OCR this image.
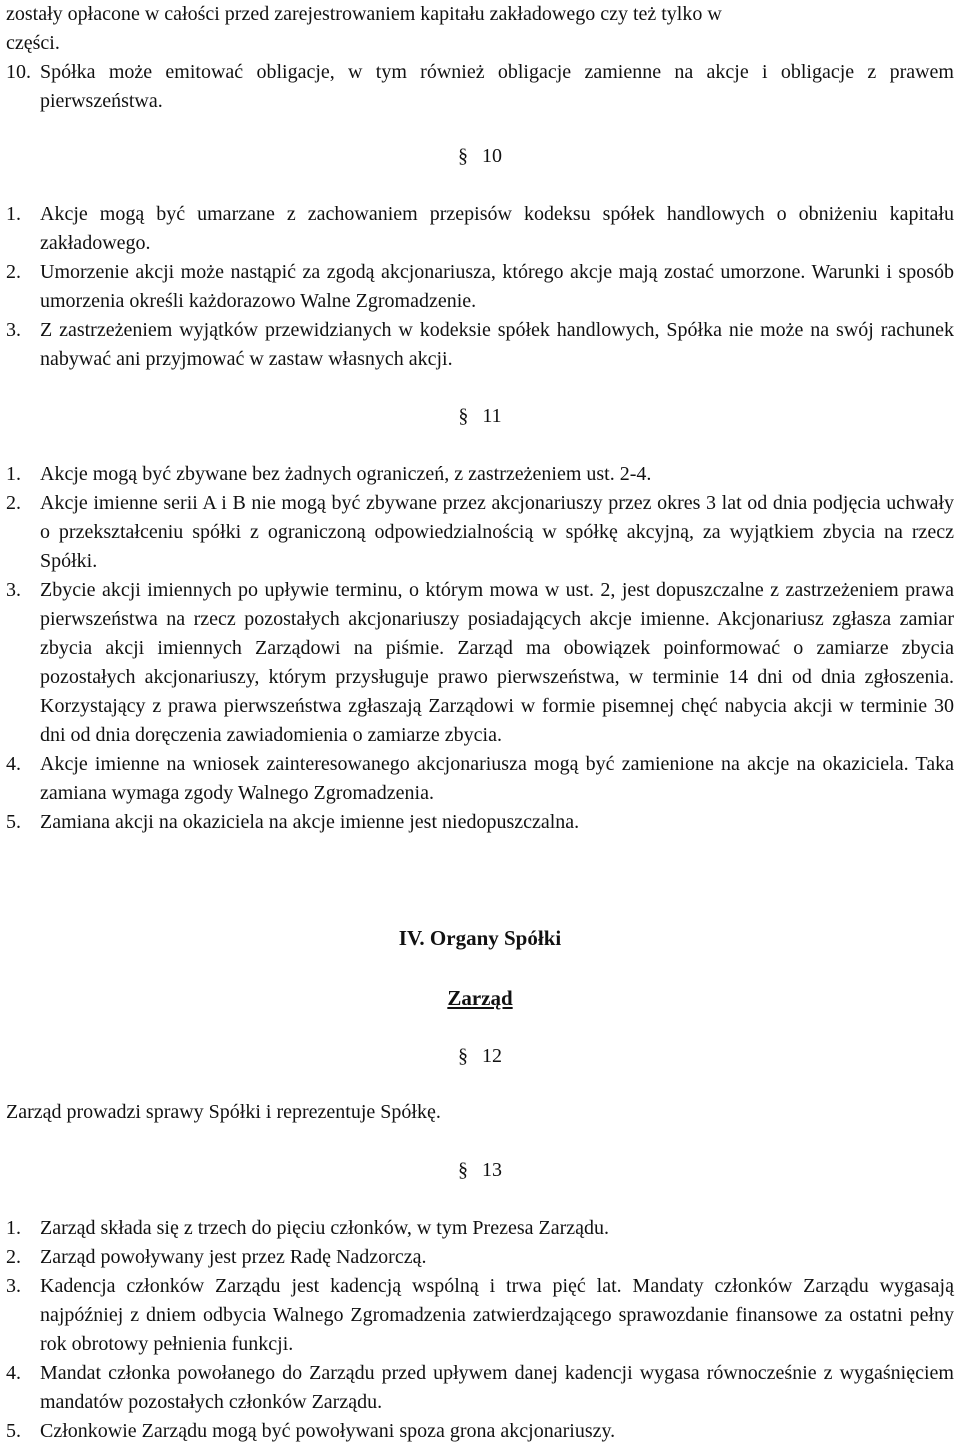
zostały opłacone w całości przed zarejestrowaniem kapitału zakładowego czy też tylko w
części.
10. Spółka może emitować obligacje, w tym również obligacje zamienne na akcje i obligacje z prawem pierwszeństwa.
§ 10
1. Akcje mogą być umarzane z zachowaniem przepisów kodeksu spółek handlowych o obniżeniu kapitału zakładowego.
2. Umorzenie akcji może nastąpić za zgodą akcjonariusza, którego akcje mają zostać umorzone. Warunki i sposób umorzenia określi każdorazowo Walne Zgromadzenie.
3. Z zastrzeżeniem wyjątków przewidzianych w kodeksie spółek handlowych, Spółka nie może na swój rachunek nabywać ani przyjmować w zastaw własnych akcji.
§ 11
1. Akcje mogą być zbywane bez żadnych ograniczeń, z zastrzeżeniem ust. 2-4.
2. Akcje imienne serii A i B nie mogą być zbywane przez akcjonariuszy przez okres 3 lat od dnia podjęcia uchwały o przekształceniu spółki z ograniczoną odpowiedzialnością w spółkę akcyjną, za wyjątkiem zbycia na rzecz Spółki.
3. Zbycie akcji imiennych po upływie terminu, o którym mowa w ust. 2, jest dopuszczalne z zastrzeżeniem prawa pierwszeństwa na rzecz pozostałych akcjonariuszy posiadających akcje imienne. Akcjonariusz zgłasza zamiar zbycia akcji imiennych Zarządowi na piśmie. Zarząd ma obowiązek poinformować o zamiarze zbycia pozostałych akcjonariuszy, którym przysługuje prawo pierwszeństwa, w terminie 14 dni od dnia zgłoszenia. Korzystający z prawa pierwszeństwa zgłaszają Zarządowi w formie pisemnej chęć nabycia akcji w terminie 30 dni od dnia doręczenia zawiadomienia o zamiarze zbycia.
4. Akcje imienne na wniosek zainteresowanego akcjonariusza mogą być zamienione na akcje na okaziciela. Taka zamiana wymaga zgody Walnego Zgromadzenia.
5. Zamiana akcji na okaziciela na akcje imienne jest niedopuszczalna.
IV. Organy Spółki
Zarząd
§ 12
Zarząd prowadzi sprawy Spółki i reprezentuje Spółkę.
§ 13
1. Zarząd składa się z trzech do pięciu członków, w tym Prezesa Zarządu.
2. Zarząd powoływany jest przez Radę Nadzorczą.
3. Kadencja członków Zarządu jest kadencją wspólną i trwa pięć lat. Mandaty członków Zarządu wygasają najpóźniej z dniem odbycia Walnego Zgromadzenia zatwierdzającego sprawozdanie finansowe za ostatni pełny rok obrotowy pełnienia funkcji.
4. Mandat członka powołanego do Zarządu przed upływem danej kadencji wygasa równocześnie z wygaśnięciem mandatów pozostałych członków Zarządu.
5. Członkowie Zarządu mogą być powoływani spoza grona akcjonariuszy.
